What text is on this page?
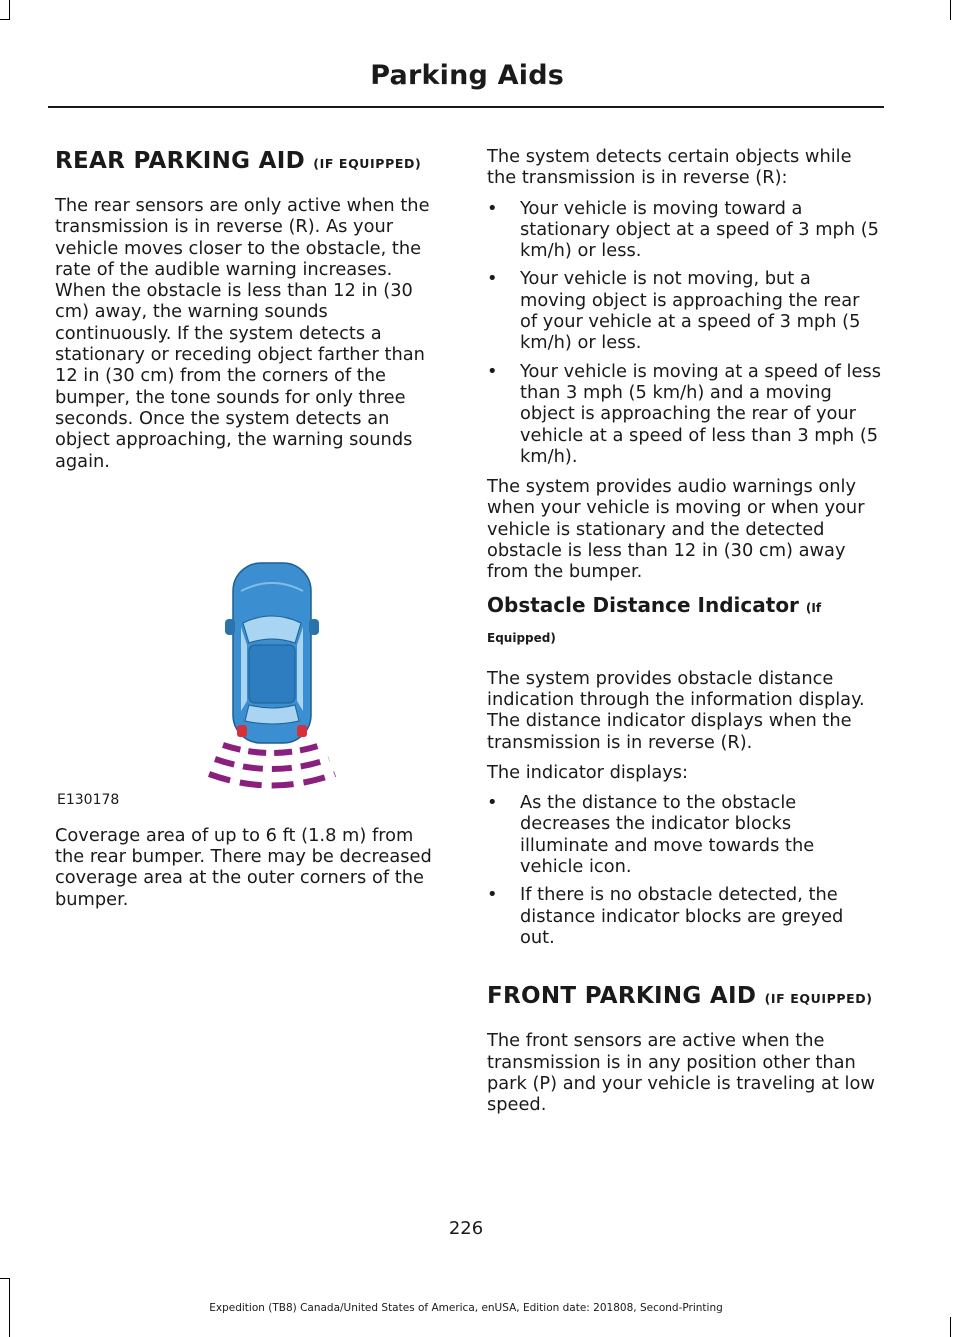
Parking Aids
REAR PARKING AID (IF EQUIPPED)

The rear sensors are only active when the transmission is in reverse (R). As your vehicle moves closer to the obstacle, the rate of the audible warning increases. When the obstacle is less than 12 in (30 cm) away, the warning sounds continuously. If the system detects a stationary or receding object farther than 12 in (30 cm) from the corners of the bumper, the tone sounds for only three seconds. Once the system detects an object approaching, the warning sounds again.

E130178

Coverage area of up to 6 ft (1.8 m) from the rear bumper. There may be decreased coverage area at the outer corners of the bumper.

The system detects certain objects while the transmission is in reverse (R):

• Your vehicle is moving toward a stationary object at a speed of 3 mph (5 km/h) or less.
• Your vehicle is not moving, but a moving object is approaching the rear of your vehicle at a speed of 3 mph (5 km/h) or less.
• Your vehicle is moving at a speed of less than 3 mph (5 km/h) and a moving object is approaching the rear of your vehicle at a speed of less than 3 mph (5 km/h).

The system provides audio warnings only when your vehicle is moving or when your vehicle is stationary and the detected obstacle is less than 12 in (30 cm) away from the bumper.

Obstacle Distance Indicator (If Equipped)

The system provides obstacle distance indication through the information display. The distance indicator displays when the transmission is in reverse (R).

The indicator displays:

• As the distance to the obstacle decreases the indicator blocks illuminate and move towards the vehicle icon.
• If there is no obstacle detected, the distance indicator blocks are greyed out.
FRONT PARKING AID (IF EQUIPPED)

The front sensors are active when the transmission is in any position other than park (P) and your vehicle is traveling at low speed.

226
Expedition (TB8) Canada/United States of America, enUSA, Edition date: 201808, Second-Printing
